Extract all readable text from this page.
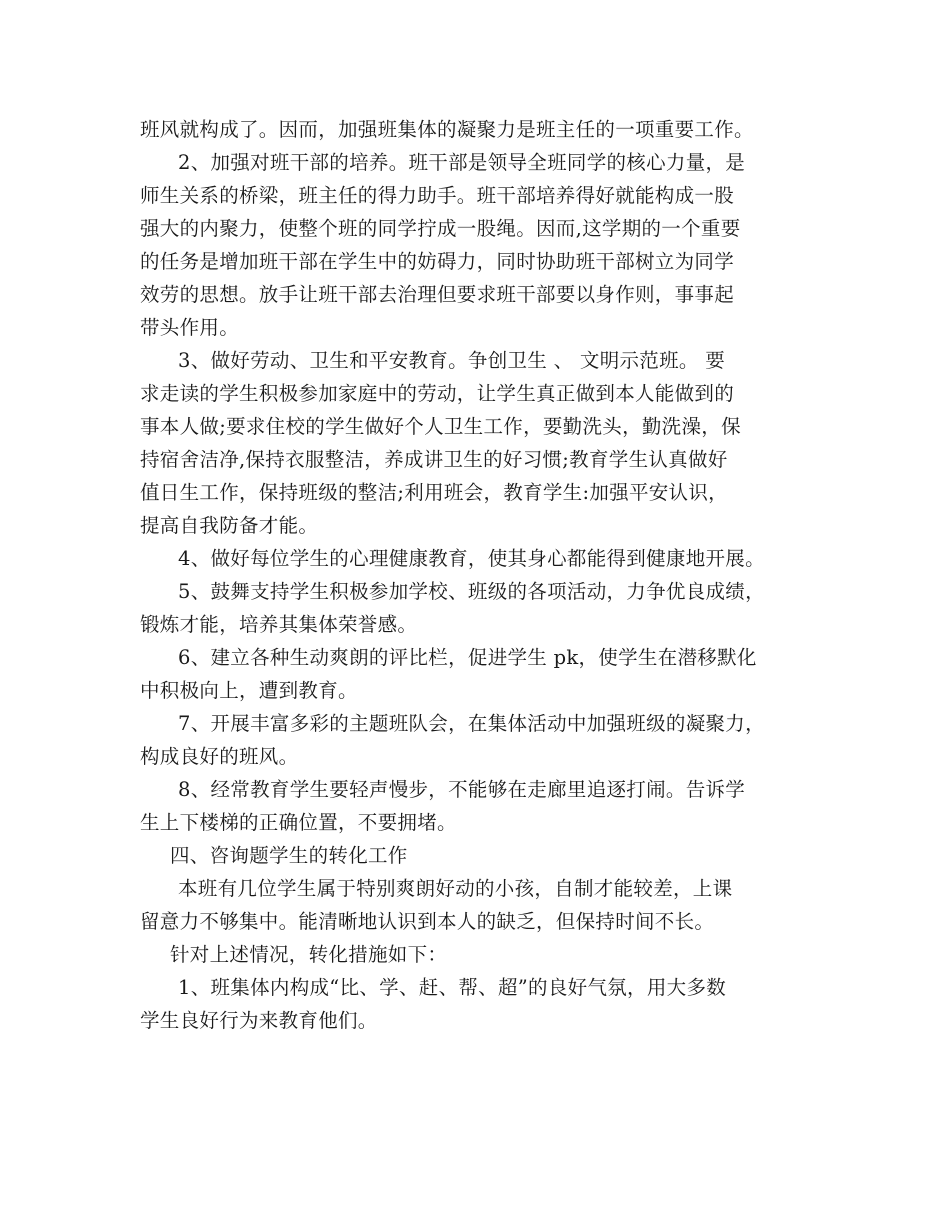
班风就构成了。因而，加强班集体的凝聚力是班主任的一项重要工作。
2、加强对班干部的培养。班干部是领导全班同学的核心力量，是
师生关系的桥梁，班主任的得力助手。班干部培养得好就能构成一股
强大的内聚力，使整个班的同学拧成一股绳。因而,这学期的一个重要
的任务是增加班干部在学生中的妨碍力，同时协助班干部树立为同学
效劳的思想。放手让班干部去治理但要求班干部要以身作则，事事起
带头作用。
3、做好劳动、卫生和平安教育。争创卫生 、 文明示范班。 要
求走读的学生积极参加家庭中的劳动，让学生真正做到本人能做到的
事本人做;要求住校的学生做好个人卫生工作，要勤洗头，勤洗澡，保
持宿舍洁净,保持衣服整洁，养成讲卫生的好习惯;教育学生认真做好
值日生工作，保持班级的整洁;利用班会，教育学生:加强平安认识，
提高自我防备才能。
4、做好每位学生的心理健康教育，使其身心都能得到健康地开展。
5、鼓舞支持学生积极参加学校、班级的各项活动，力争优良成绩，
锻炼才能，培养其集体荣誉感。
6、建立各种生动爽朗的评比栏，促进学生 pk，使学生在潜移默化
中积极向上，遭到教育。
7、开展丰富多彩的主题班队会，在集体活动中加强班级的凝聚力，
构成良好的班风。
8、经常教育学生要轻声慢步，不能够在走廊里追逐打闹。告诉学
生上下楼梯的正确位置，不要拥堵。
四、咨询题学生的转化工作
本班有几位学生属于特别爽朗好动的小孩，自制才能较差，上课
留意力不够集中。能清晰地认识到本人的缺乏，但保持时间不长。
针对上述情况，转化措施如下：
1、班集体内构成“比、学、赶、帮、超”的良好气氛，用大多数
学生良好行为来教育他们。
